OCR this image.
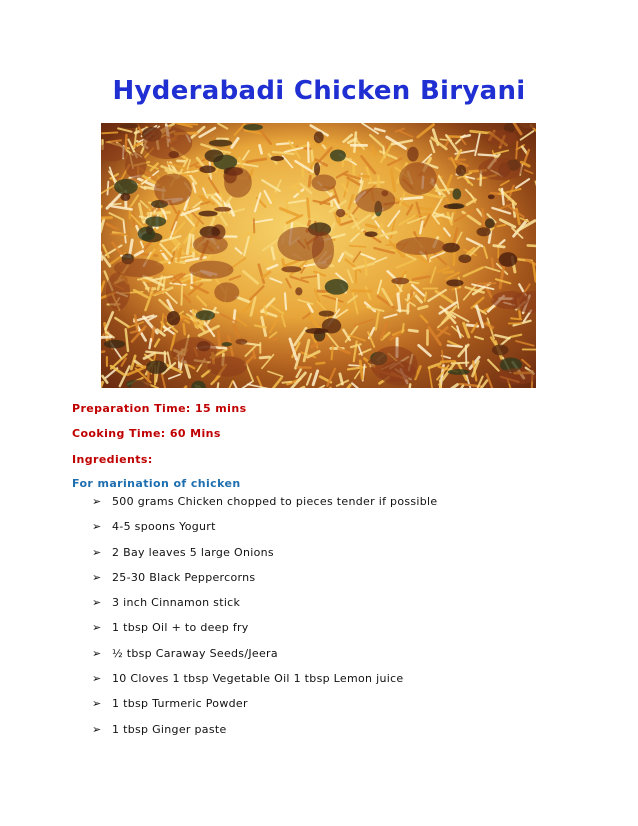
Hyderabadi Chicken Biryani
Preparation Time: 15 mins
Cooking Time: 60 Mins
Ingredients:
For marination of chicken
➢ 500 grams Chicken chopped to pieces tender if possible
➢ 4-5 spoons Yogurt
➢ 2 Bay leaves 5 large Onions
➢ 25-30 Black Peppercorns
➢ 3 inch Cinnamon stick
➢ 1 tbsp Oil + to deep fry
➢ ½ tbsp Caraway Seeds/Jeera
➢ 10 Cloves 1 tbsp Vegetable Oil 1 tbsp Lemon juice
➢ 1 tbsp Turmeric Powder
➢ 1 tbsp Ginger paste
